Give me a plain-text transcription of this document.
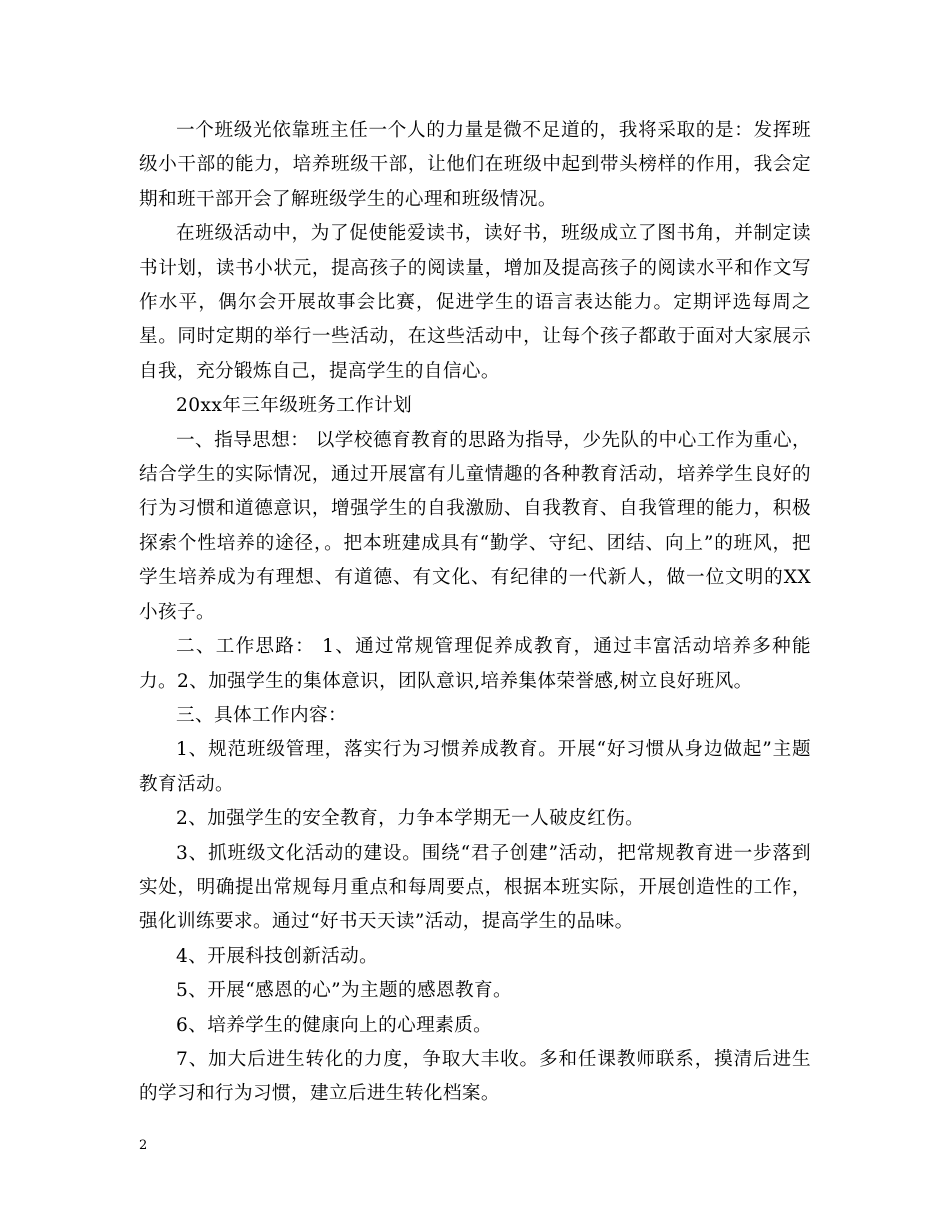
一个班级光依靠班主任一个人的力量是微不足道的，我将采取的是：发挥班级小干部的能力，培养班级干部，让他们在班级中起到带头榜样的作用，我会定期和班干部开会了解班级学生的心理和班级情况。

在班级活动中，为了促使能爱读书，读好书，班级成立了图书角，并制定读书计划，读书小状元，提高孩子的阅读量，增加及提高孩子的阅读水平和作文写作水平，偶尔会开展故事会比赛，促进学生的语言表达能力。定期评选每周之星。同时定期的举行一些活动，在这些活动中，让每个孩子都敢于面对大家展示自我，充分锻炼自己，提高学生的自信心。

20xx年三年级班务工作计划

一、指导思想： 以学校德育教育的思路为指导，少先队的中心工作为重心，结合学生的实际情况，通过开展富有儿童情趣的各种教育活动，培养学生良好的行为习惯和道德意识，增强学生的自我激励、自我教育、自我管理的能力，积极探索个性培养的途径，。把本班建成具有“勤学、守纪、团结、向上”的班风，把学生培养成为有理想、有道德、有文化、有纪律的一代新人，做一位文明的XX小孩子。

二、工作思路： 1、通过常规管理促养成教育，通过丰富活动培养多种能力。2、加强学生的集体意识，团队意识,培养集体荣誉感,树立良好班风。

三、具体工作内容：

1、规范班级管理，落实行为习惯养成教育。开展“好习惯从身边做起”主题教育活动。

2、加强学生的安全教育，力争本学期无一人破皮红伤。

3、抓班级文化活动的建设。围绕“君子创建”活动，把常规教育进一步落到实处，明确提出常规每月重点和每周要点，根据本班实际，开展创造性的工作，强化训练要求。通过“好书天天读”活动，提高学生的品味。

4、开展科技创新活动。

5、开展“感恩的心”为主题的感恩教育。

6、培养学生的健康向上的心理素质。

7、加大后进生转化的力度，争取大丰收。多和任课教师联系，摸清后进生的学习和行为习惯，建立后进生转化档案。

2
